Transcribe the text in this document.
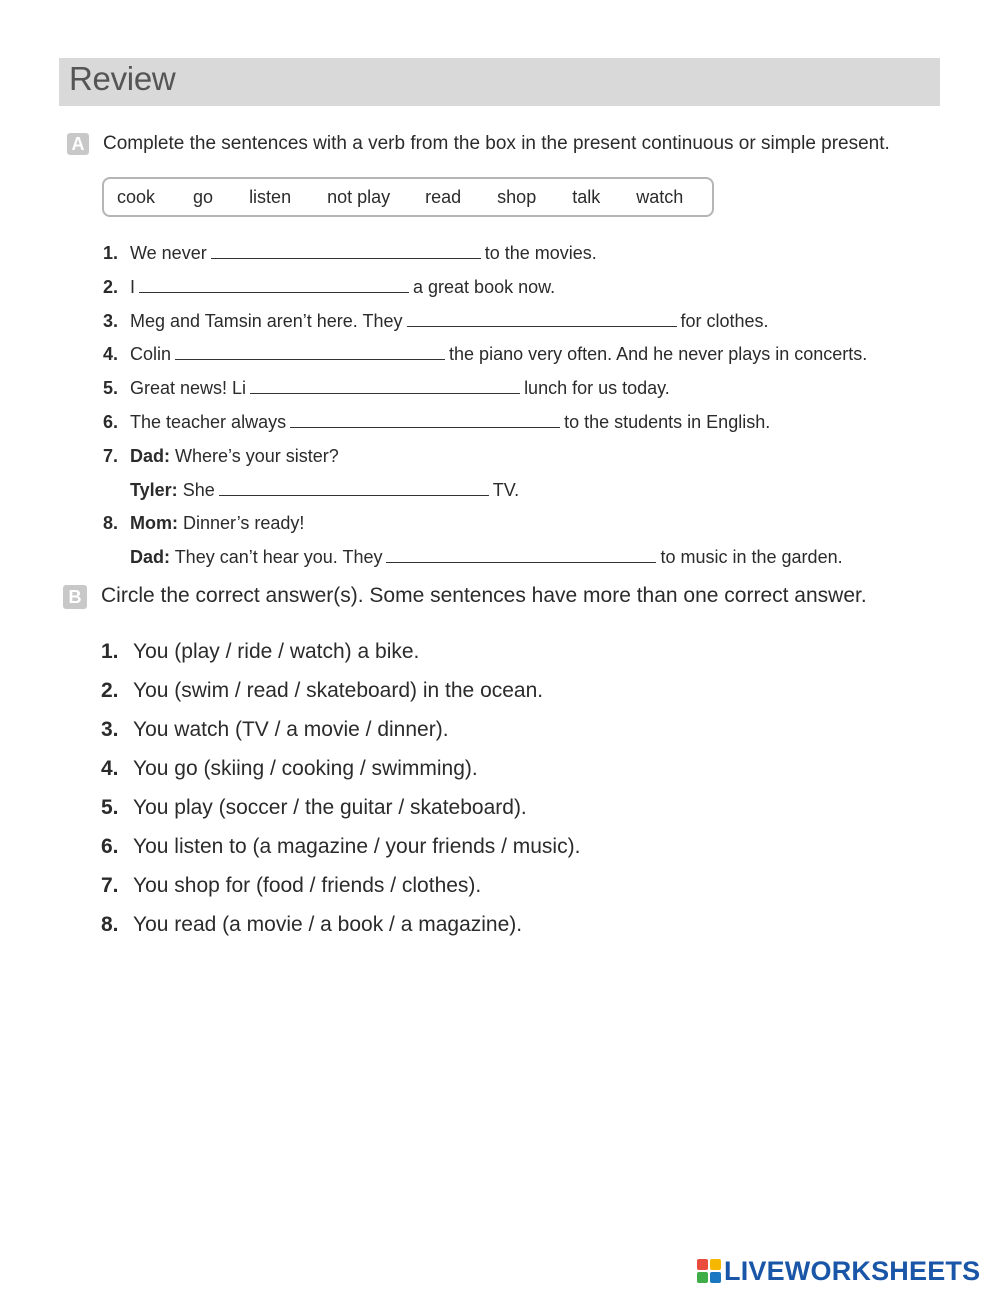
Review
A Complete the sentences with a verb from the box in the present continuous or simple present.
cook go listen not play read shop talk watch
1. We never	to the movies.
2. I	a great book now.
3. Meg and Tamsin aren’t here. They	for clothes.
4. Colin	the piano very often. And he never plays in concerts.
5. Great news! Li	lunch for us today.
6. The teacher always	to the students in English.
7. Dad: Where’s your sister?
Tyler: She	TV.
8. Mom: Dinner’s ready!
Dad: They can’t hear you. They	to music in the garden.
B Circle the correct answer(s). Some sentences have more than one correct answer.
1. You (play / ride / watch) a bike.
2. You (swim / read / skateboard) in the ocean.
3. You watch (TV / a movie / dinner).
4. You go (skiing / cooking / swimming).
5. You play (soccer / the guitar / skateboard).
6. You listen to (a magazine / your friends / music).
7. You shop for (food / friends / clothes).
8. You read (a movie / a book / a magazine).
LIVEWORKSHEETS
